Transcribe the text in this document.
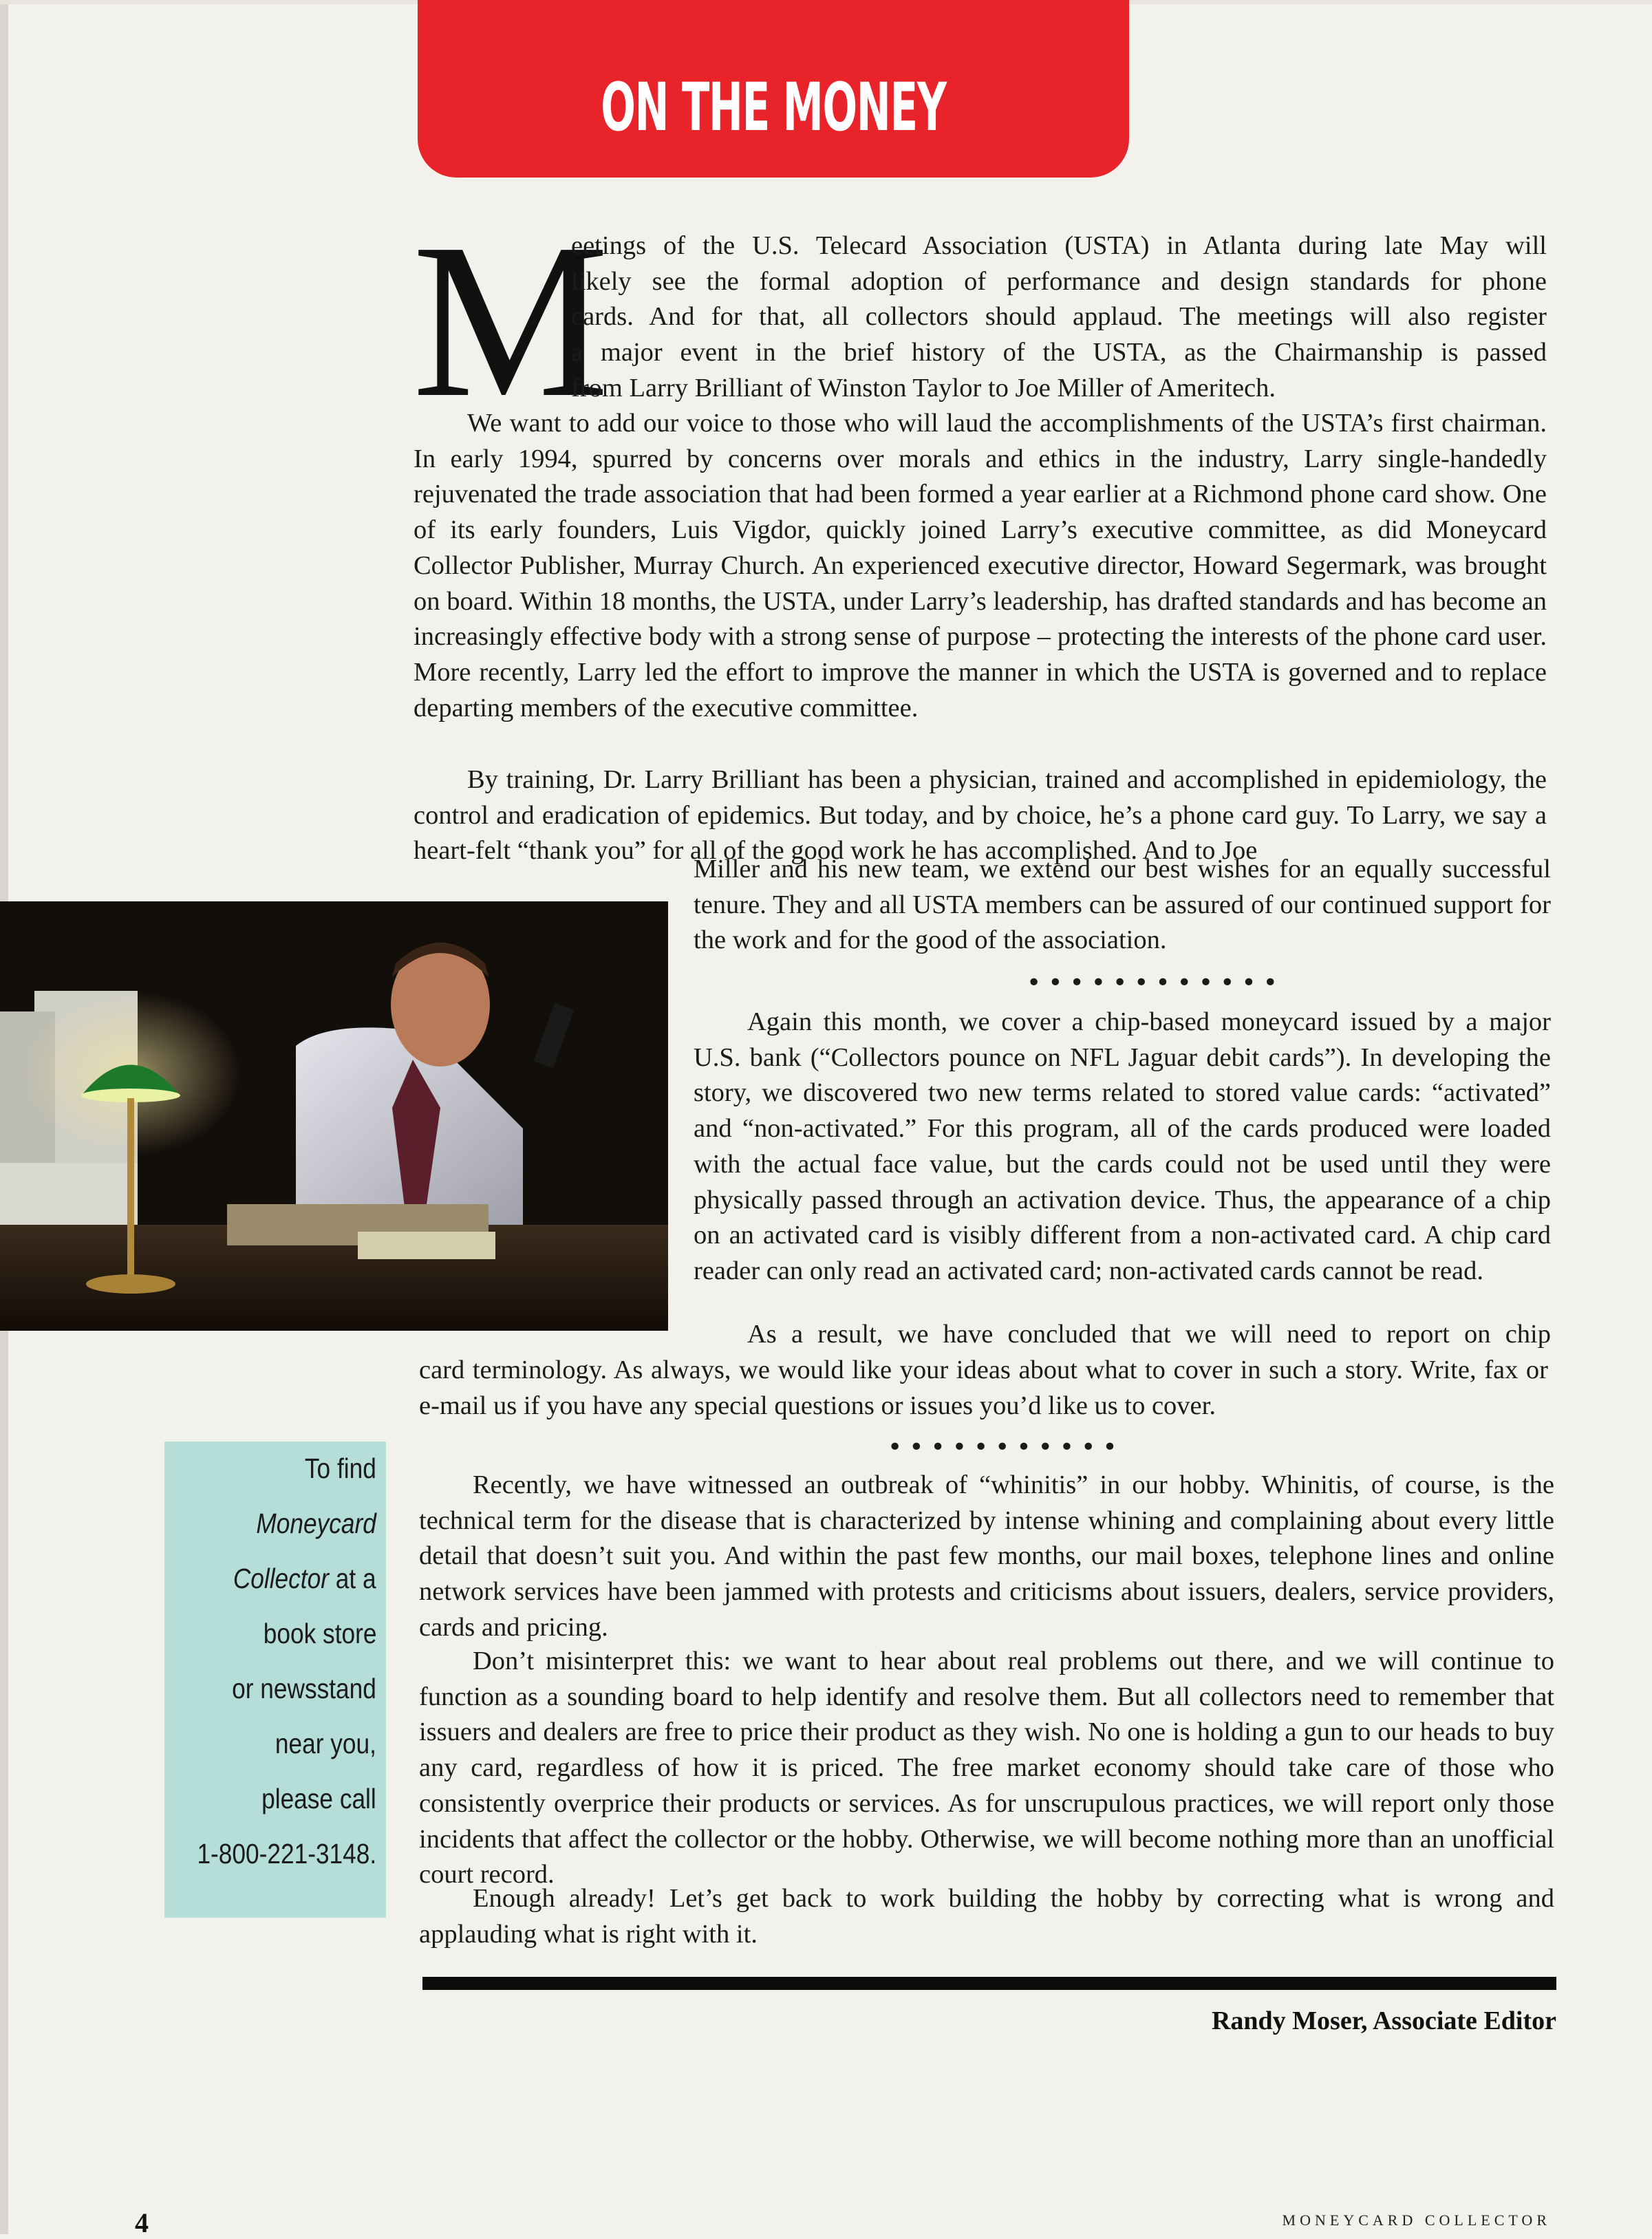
ON THE MONEY
M
eetings of the U.S. Telecard Association (USTA) in Atlanta during late May will
likely see the formal adoption of performance and design standards for phone
cards. And for that, all collectors should applaud. The meetings will also register
a major event in the brief history of the USTA, as the Chairmanship is passed
from Larry Brilliant of Winston Taylor to Joe Miller of Ameritech.

We want to add our voice to those who will laud the accomplishments of the USTA’s first chairman. In early 1994, spurred by concerns over morals and ethics in the industry, Larry single-handedly rejuvenated the trade association that had been formed a year earlier at a Richmond phone card show. One of its early founders, Luis Vigdor, quickly joined Larry’s executive committee, as did Moneycard Collector Publisher, Murray Church. An experienced executive director, Howard Segermark, was brought on board. Within 18 months, the USTA, under Larry’s leadership, has drafted standards and has become an increasingly effective body with a strong sense of purpose – protecting the interests of the phone card user. More recently, Larry led the effort to improve the manner in which the USTA is governed and to replace departing members of the executive committee.

By training, Dr. Larry Brilliant has been a physician, trained and accomplished in epidemiology, the control and eradication of epidemics. But today, and by choice, he’s a phone card guy. To Larry, we say a heart-felt “thank you” for all of the good work he has accomplished. And to Joe

Miller and his new team, we extend our best wishes for an equally successful tenure. They and all USTA members can be assured of our continued support for the work and for the good of the association.

••••••••••••

Again this month, we cover a chip-based moneycard issued by a major U.S. bank (“Collectors pounce on NFL Jaguar debit cards”). In developing the story, we discovered two new terms related to stored value cards: “activated” and “non-activated.” For this program, all of the cards produced were loaded with the actual face value, but the cards could not be used until they were physically passed through an activation device. Thus, the appearance of a chip on an activated card is visibly different from a non-activated card. A chip card reader can only read an activated card; non-activated cards cannot be read.

As a result, we have concluded that we will need to report on chip

card terminology. As always, we would like your ideas about what to cover in such a story. Write, fax or e-mail us if you have any special questions or issues you’d like us to cover.

•••••••••••

Recently, we have witnessed an outbreak of “whinitis” in our hobby. Whinitis, of course, is the technical term for the disease that is characterized by intense whining and complaining about every little detail that doesn’t suit you. And within the past few months, our mail boxes, telephone lines and online network services have been jammed with protests and criticisms about issuers, dealers, service providers, cards and pricing.

Don’t misinterpret this: we want to hear about real problems out there, and we will continue to function as a sounding board to help identify and resolve them. But all collectors need to remember that issuers and dealers are free to price their product as they wish. No one is holding a gun to our heads to buy any card, regardless of how it is priced. The free market economy should take care of those who consistently overprice their products or services. As for unscrupulous practices, we will report only those incidents that affect the collector or the hobby. Otherwise, we will become nothing more than an unofficial court record.

Enough already! Let’s get back to work building the hobby by correcting what is wrong and applauding what is right with it.

To find

Moneycard

Collector at a

book store

or newsstand

near you,

please call

1-800-221-3148.

Randy Moser, Associate Editor
4	MONEYCARD COLLECTOR
